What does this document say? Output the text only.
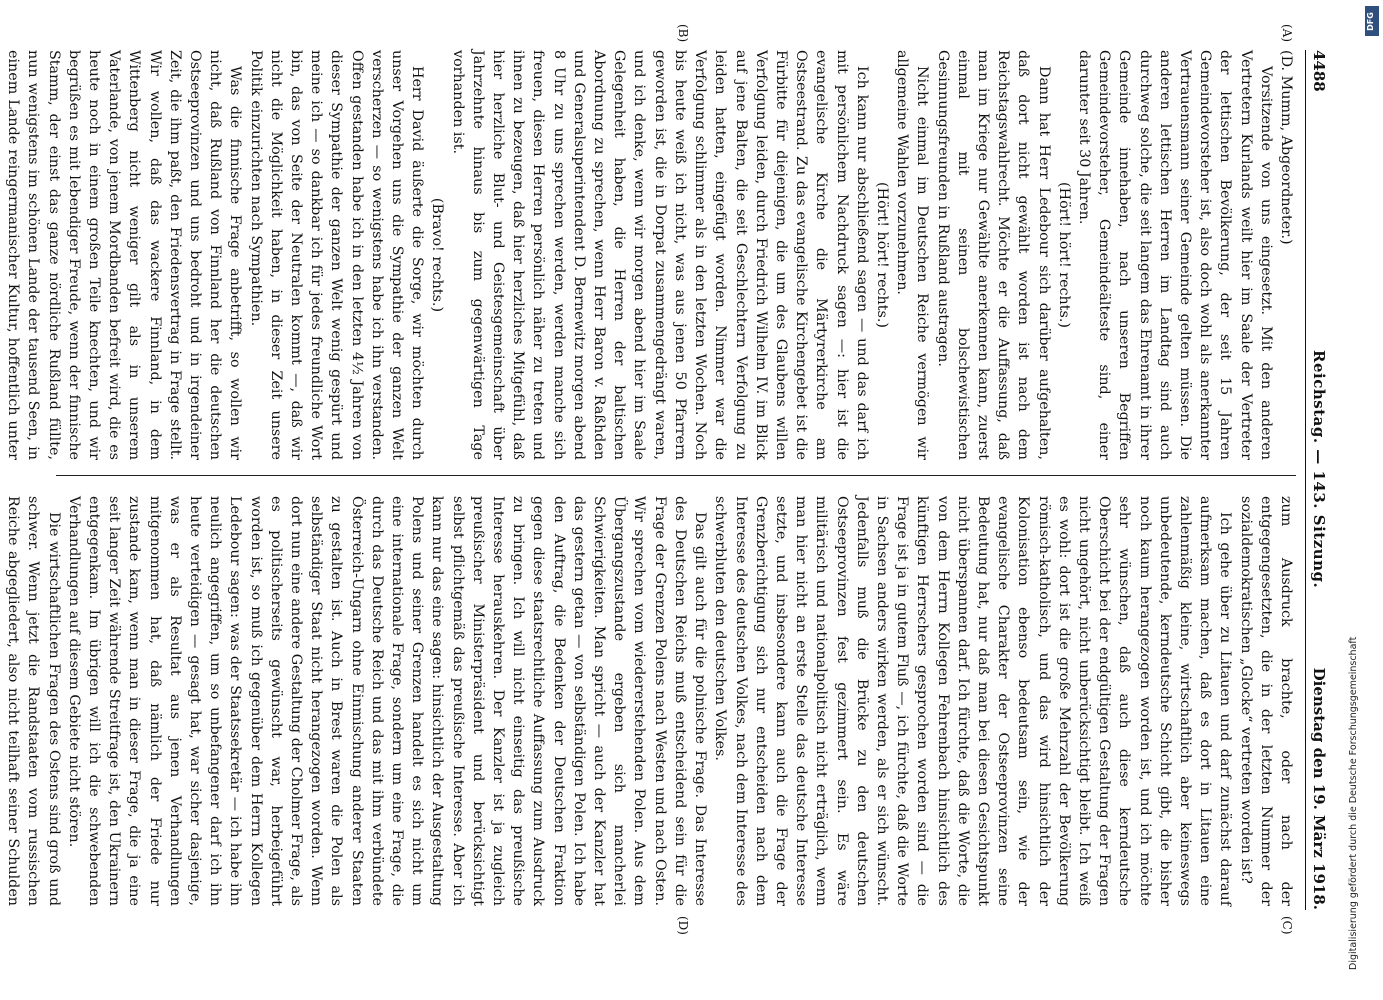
4488
Reichstag. — 143. Sitzung.
Dienstag den 19. März 1918.
(A)
(B)
(C)
(D)

(D. Mumm, Abgeordneter.)

Vorsitzende von uns eingesetzt. Mit den anderen Vertretern Kurlands weilt hier im Saale der Vertreter der lettischen Bevölkerung, der seit 15 Jahren Gemeindevorsteher ist, also doch wohl als anerkannter Vertrauensmann seiner Gemeinde gelten müssen. Die anderen lettischen Herren im Landtag sind auch durchweg solche, die seit langem das Ehrenamt in ihrer Gemeinde innehaben, nach unseren Begriffen Gemeindevorsteher, Gemeindeälteste sind, einer darunter seit 30 Jahren.

(Hört! hört! rechts.)

Dann hat Herr Ledebour sich darüber aufgehalten, daß dort nicht gewählt worden ist nach dem Reichstagswahlrecht. Möchte er die Auffassung, daß man im Kriege nur Gewählte anerkennen kann, zuerst einmal mit seinen bolschewistischen Gesinnungsfreunden in Rußland austragen.

Nicht einmal im Deutschen Reiche vermögen wir allgemeine Wahlen vorzunehmen.

(Hört! hört! rechts.)

Ich kann nur abschließend sagen — und das darf ich mit persönlichem Nachdruck sagen —: hier ist die evangelische Kirche die Märtyrerkirche am Ostseestrand. Zu das evangelische Kirchengebet ist die Fürbitte für diejenigen, die um des Glaubens willen Verfolgung leiden, durch Friedrich Wilhelm IV. im Blick auf jene Balten, die seit Geschlechtern Verfolgung zu leiden hatten, eingefügt worden. Nimmer war die Verfolgung schlimmer als in den letzten Wochen. Noch bis heute weiß ich nicht, was aus jenen 50 Pfarrern geworden ist, die in Dorpat zusammengedrängt waren, und ich denke, wenn wir morgen abend hier im Saale Gelegenheit haben, die Herren der baltischen Abordnung zu sprechen, wenn Herr Baron v. Raßhden und Generalsuperintendent D. Bernewitz morgen abend 8 Uhr zu uns sprechen werden, werden manche sich freuen, diesen Herren persönlich näher zu treten und ihnen zu bezeugen, daß hier herzliches Mitgefühl, daß hier herzliche Blut- und Geistesgemeinschaft über Jahrzehnte hinaus bis zum gegenwärtigen Tage vorhanden ist.

(Bravo! rechts.)

Herr David äußerte die Sorge, wir möchten durch unser Vorgehen uns die Sympathie der ganzen Welt verscherzen — so wenigstens habe ich ihn verstanden. Offen gestanden habe ich in den letzten 4½ Jahren von dieser Sympathie der ganzen Welt wenig gespürt und meine ich — so dankbar ich für jedes freundliche Wort bin, das von Seite der Neutralen kommt —, daß wir nicht die Möglichkeit haben, in dieser Zeit unsere Politik einzurichten nach Sympathien.

Was die finnische Frage anbetrifft, so wollen wir nicht, daß Rußland von Finnland her die deutschen Ostseeprovinzen und uns bedroht und in irgendeiner Zeit, die ihm paßt, den Friedensvertrag in Frage stellt. Wir wollen, daß das wackere Finnland, in dem Wittenberg nicht weniger gilt als in unserem Vaterlande, von jenem Mordbanden befreit wird, die es heute noch in einem großen Teile knechten, und wir begrüßen es mit lebendiger Freude, wenn der finnische Stamm, der einst das ganze nördliche Rußland füllte, nun wenigstens im schönen Lande der tausend Seen, in einem Lande reingermanischer Kultur, hoffentlich unter

zum Ausdruck brachte, oder nach der entgegengesetzten, die in der letzten Nummer der sozialdemokratischen „Glocke“ vertreten worden ist?

Ich gehe über zu Litauen und darf zunächst darauf aufmerksam machen, daß es dort in Litauen eine zahlenmäßig kleine, wirtschaftlich aber keineswegs unbedeutende, kerndeutsche Schicht gibt, die bisher noch kaum herangezogen worden ist, und ich möchte sehr wünschen, daß auch diese kerndeutsche Oberschicht bei der endgültigen Gestaltung der Fragen nicht ungehört, nicht unberücksichtigt bleibt. Ich weiß es wohl: dort ist die große Mehrzahl der Bevölkerung römisch-katholisch, und das wird hinsichtlich der Kolonisation ebenso bedeutsam sein, wie der evangelische Charakter der Ostseeprovinzen seine Bedeutung hat, nur daß man bei diesen Gesichtspunkt nicht überspannen darf. Ich fürchte, daß die Worte, die von dem Herrn Kollegen Fehrenbach hinsichtlich des künftigen Herrschers gesprochen worden sind — die Frage ist ja in gutem Fluß —, ich fürchte, daß die Worte in Sachsen anders wirken werden, als er sich wünscht. Jedenfalls muß die Brücke zu den deutschen Ostseeprovinzen fest gezimmert sein. Es wäre militärisch und nationalpolitisch nicht erträglich, wenn man hier nicht an erste Stelle das deutsche Interesse setzte, und insbesondere kann auch die Frage der Grenzberichtigung sich nur entscheiden nach dem Interesse des deutschen Volkes, nach dem Interesse des schwerbluten den deutschen Volkes.

Das gilt auch für die polnische Frage. Das Interesse des Deutschen Reichs muß entscheidend sein für die Frage der Grenzen Polens nach Westen und nach Osten. Wir sprechen vom wiedererstehenden Polen. Aus dem Übergangszustande ergeben sich mancherlei Schwierigkeiten. Man spricht — auch der Kanzler hat das gestern getan — von selbständigen Polen. Ich habe den Auftrag, die Bedenken der Deutschen Fraktion gegen diese staatsrechtliche Auffassung zum Ausdruck zu bringen. Ich will nicht einseitig das preußische Interesse herauskehren. Der Kanzler ist ja zugleich preußischer Ministerpräsident und berücksichtigt selbst pflichtgemäß das preußische Interesse. Aber ich kann nur das eine sagen: hinsichtlich der Ausgestaltung Polens und seiner Grenzen handelt es sich nicht um eine internationale Frage, sondern um eine Frage, die durch das Deutsche Reich und das mit ihm verbündete Österreich-Ungarn ohne Einmischung anderer Staaten zu gestalten ist. Auch in Brest waren die Polen als selbständiger Staat nicht herangezogen worden. Wenn dort nun eine andere Gestaltung der Cholmer Frage, als es politischerseits gewünscht war, herbeigeführt worden ist, so muß ich gegenüber dem Herrn Kollegen Ledebour sagen: was der Staatssekretär — ich habe ihn neulich angegriffen, um so unbefangener darf ich ihn heute verteidigen — gesagt hat, war sicher dasjenige, was er als Resultat aus jenen Verhandlungen mitgenommen hat, daß nämlich der Friede nur zustande kam, wenn man in dieser Frage, die ja eine seit langer Zeit währende Streitfrage ist, den Ukrainern entgegenkam. Im übrigen will ich die schwebenden Verhandlungen auf diesem Gebiete nicht stören.

Die wirtschaftlichen Fragen des Ostens sind groß und schwer. Wenn jetzt die Randstaaten vom russischen Reiche abgegliedert, also nicht teilhaft seiner Schulden	Digitalisierung gefördert durch die Deutsche Forschungsgemeinschaft
DFG
